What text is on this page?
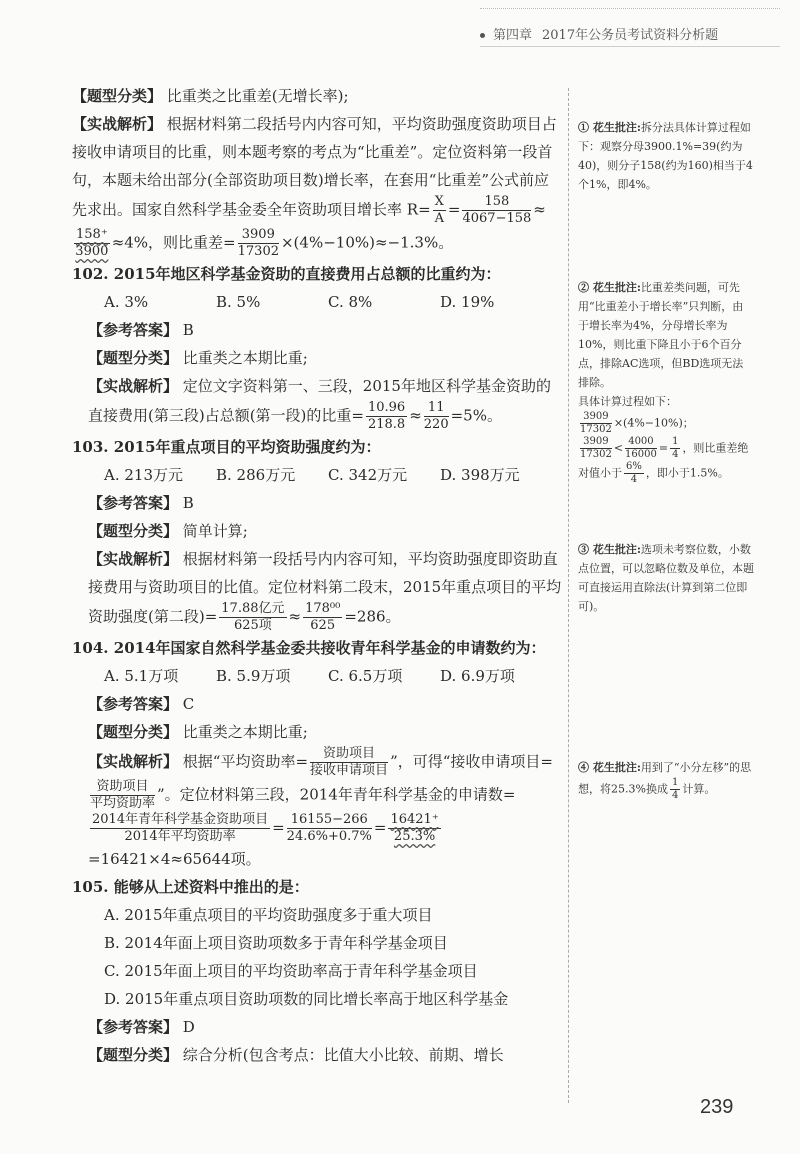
第四章 2017年公务员考试资料分析题

【题型分类】 比重类之比重差(无增长率);

【实战解析】 根据材料第二段括号内内容可知，平均资助强度资助项目占接收申请项目的比重，则本题考察的考点为“比重差”。定位资料第一段首句，本题未给出部分(全部资助项目数)增长率，在套用“比重差”公式前应先求出。国家自然科学基金委全年资助项目增长率 $R= \frac{X}{A} = \frac{158}{4067-158}$ ≈
$\frac{158^+}{3900} \approx 4\%$，则比重差= $\frac{3909}{17302} \times(4\%-10\%)\approx-1.3\%$。

102. 2015年地区科学基金资助的直接费用占总额的比重约为：

A. 3%	B. 5%	C. 8%	D. 19%

【参考答案】 B

【题型分类】 比重类之本期比重;

【实战解析】 定位文字资料第一、三段，2015年地区科学基金资助的直接费用(第三段)占总额(第一段)的比重= $\frac{10.96}{218.8} \approx \frac{11}{220} =5\%$。

103. 2015年重点项目的平均资助强度约为：

A. 213万元	B. 286万元	C. 342万元	D. 398万元

【参考答案】 B

【题型分类】 简单计算;

【实战解析】 根据材料第一段括号内内容可知，平均资助强度即资助直接费用与资助项目的比值。定位材料第二段末，2015年重点项目的平均资助强度(第二段)= $\frac{\text{17.88亿元}}{\text{625项}} \approx \frac{\text{178⁰⁰}}{625} =286$。

104. 2014年国家自然科学基金委共接收青年科学基金的申请数约为：

A. 5.1万项	B. 5.9万项	C. 6.5万项	D. 6.9万项

【参考答案】 C

【题型分类】 比重类之本期比重;

【实战解析】 根据“平均资助率= $\frac{\text{资助项目}}{\text{接收申请项目}}$ ”，可得“接收申请项目=
$\frac{\text{资助项目}}{\text{平均资助率}}$ ”。定位材料第三段，2014年青年科学基金的申请数=
$\frac{\text{2014年青年科学基金资助项目}}{\text{2014年平均资助率}} = \frac{16155-266}{24.6\%+0.7\%} = \frac{16421^+}{25.3\%}$
=16421×4≈65644项。

105. 能够从上述资料中推出的是：

A. 2015年重点项目的平均资助强度多于重大项目
B. 2014年面上项目资助项数多于青年科学基金项目
C. 2015年面上项目的平均资助率高于青年科学基金项目
D. 2015年重点项目资助项数的同比增长率高于地区科学基金

【参考答案】 D

【题型分类】 综合分析(包含考点：比值大小比较、前期、增长

① 花生批注:拆分法具体计算过程如下：观察分母3900.1%=39(约为40)，则分子158(约为160)相当于4个1%，即4%。
② 花生批注:比重差类问题，可先用“比重差小于增长率”只判断，由于增长率为4%，分母增长率为10%，则比重下降且小于6个百分点，排除AC选项，但BD选项无法排除。
具体计算过程如下：

$\frac{3909}{17302} \times(4\%-10\%)$；

$\frac{3909}{17302} < \frac{4000}{16000} = \frac{1}{4}$ ，则比重差绝对值小于 $\frac{6\%}{4}$ ，即小于1.5%。
③ 花生批注:选项未考察位数，小数点位置，可以忽略位数及单位，本题可直接运用直除法(计算到第二位即可)。
④ 花生批注:用到了“小分左移”的思想，将25.3%换成 $\frac{1}{4}$ 计算。
239
